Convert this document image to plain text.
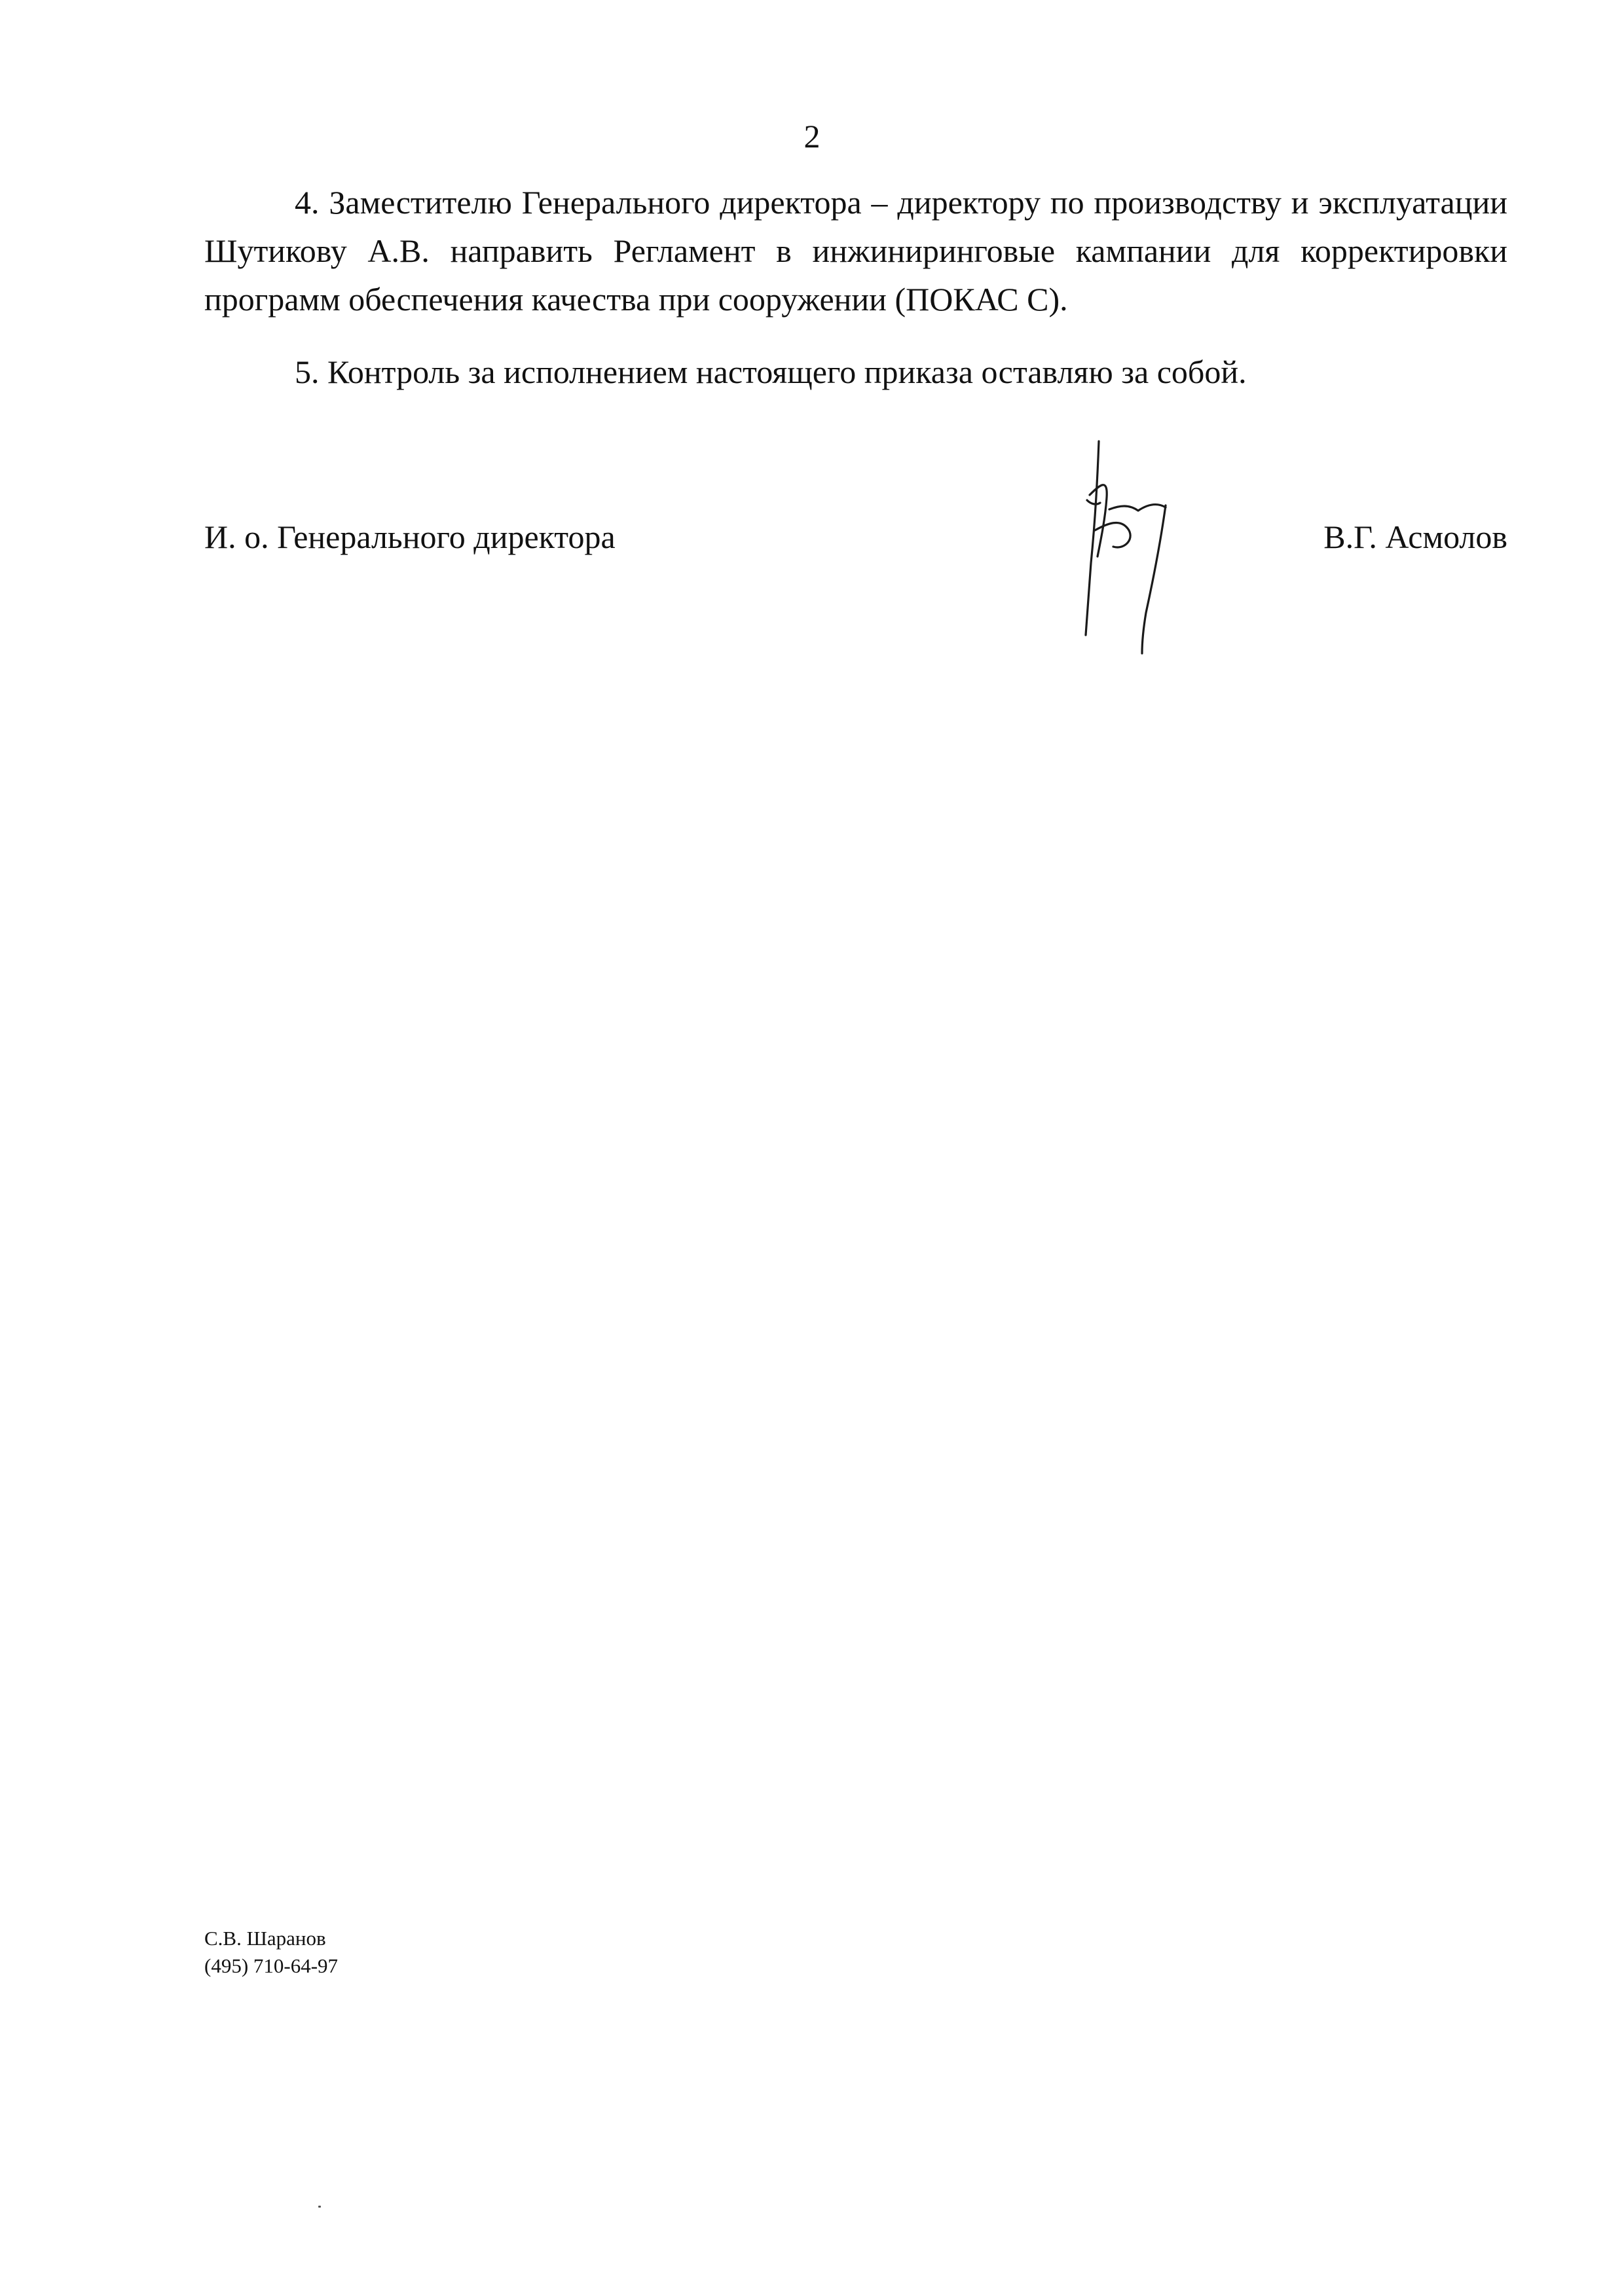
2
4. Заместителю Генерального директора – директору по производству и эксплуатации Шутикову А.В. направить Регламент в инжиниринговые кампании для корректировки программ обеспечения качества при сооружении (ПОКАС С).
5. Контроль за исполнением настоящего приказа оставляю за собой.
И. о. Генерального директора	В.Г. Асмолов
С.В. Шаранов
(495) 710-64-97
